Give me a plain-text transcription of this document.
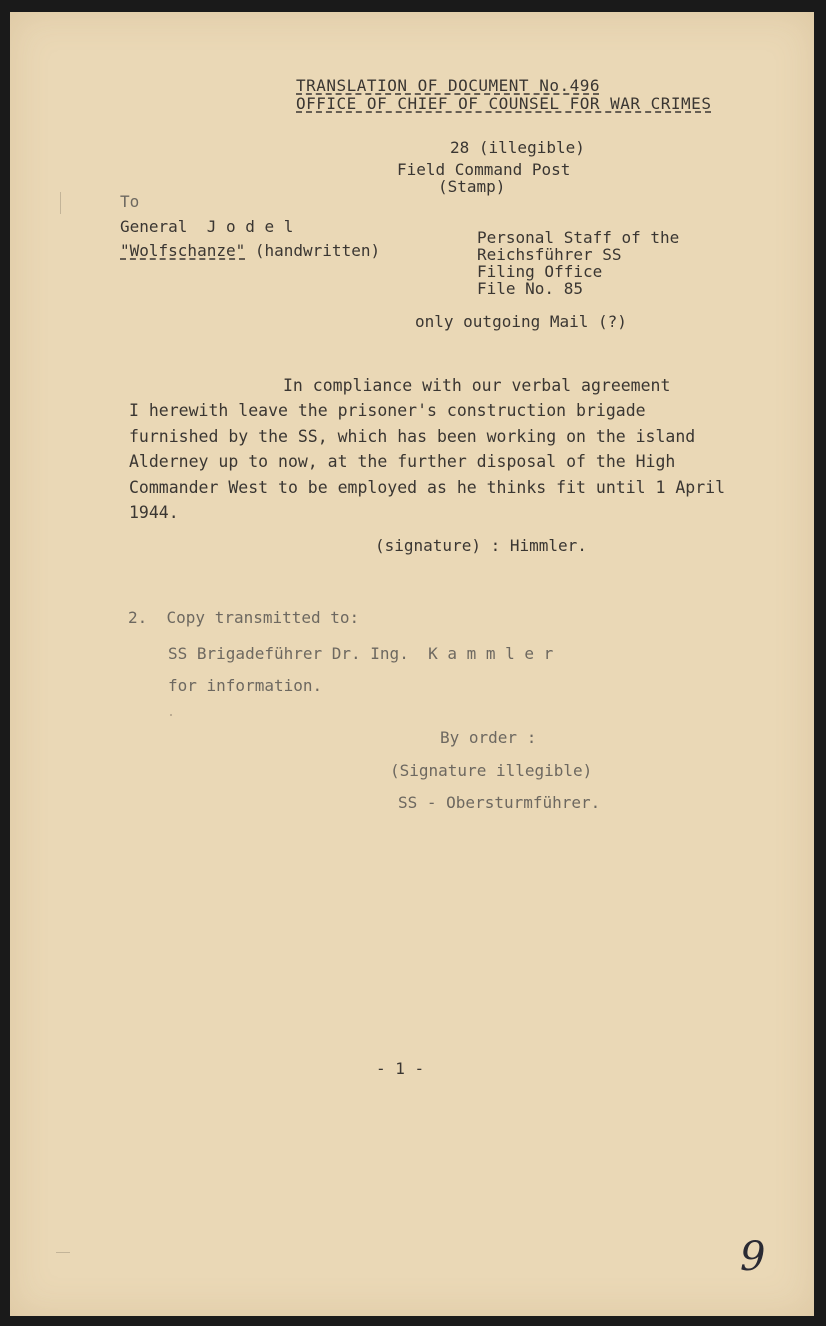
TRANSLATION OF DOCUMENT No.496
OFFICE OF CHIEF OF COUNSEL FOR WAR CRIMES
28 (illegible)
Field Command Post
(Stamp)
To
General  J o d e l
"Wolfschanze" (handwritten)
Personal Staff of the
Reichsführer SS
Filing Office
File No. 85
only outgoing Mail (?)
In compliance with our verbal agreement
I herewith leave the prisoner's construction brigade
furnished by the SS, which has been working on the island
Alderney up to now, at the further disposal of the High
Commander West to be employed as he thinks fit until 1 April
1944.
(signature) : Himmler.
2.  Copy transmitted to:
SS Brigadeführer Dr. Ing.  K a m m l e r
for information.
By order :
(Signature illegible)
SS - Obersturmführer.
- 1 -
9
